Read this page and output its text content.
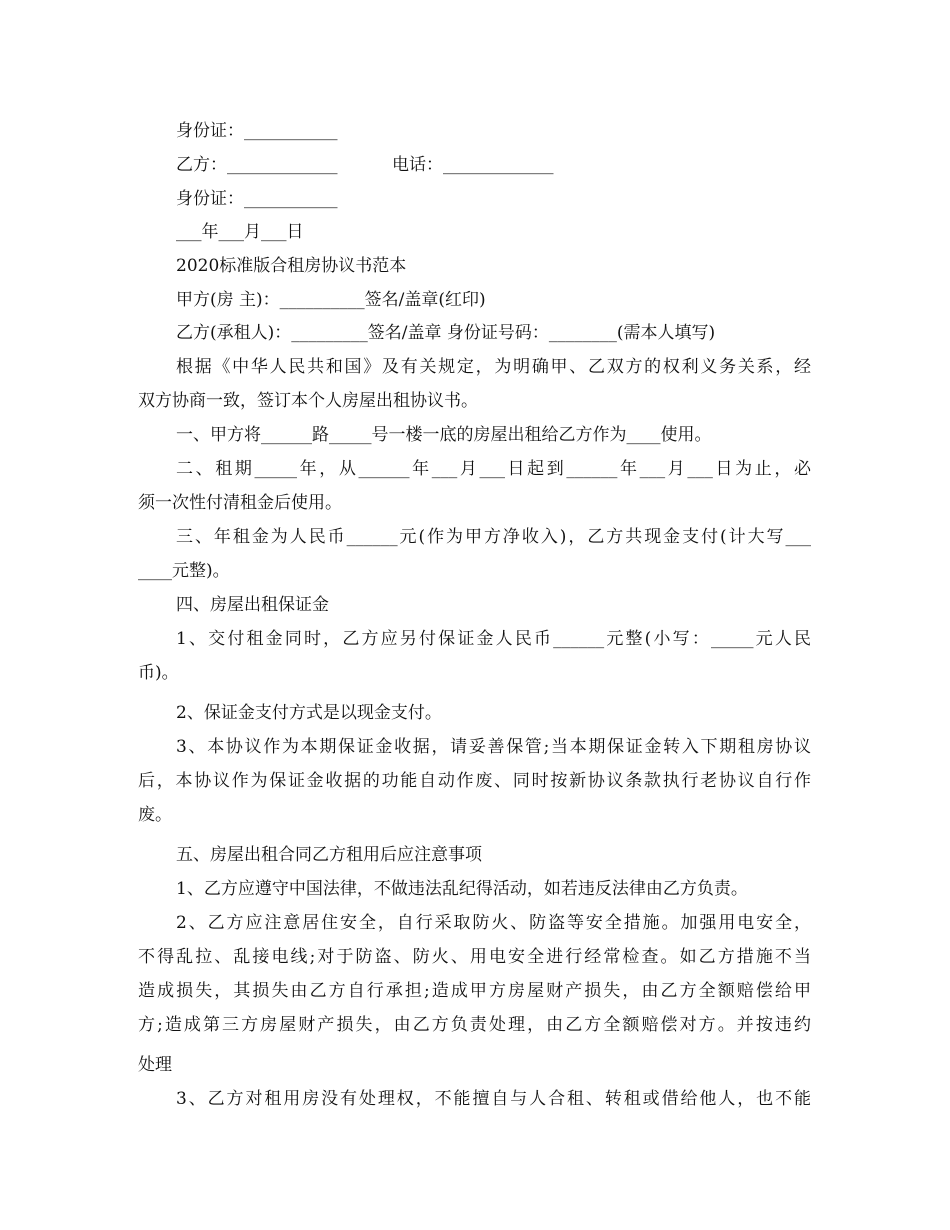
身份证：___________
乙方：_____________	电话：_____________
身份证：___________
___年___月___日
2020标准版合租房协议书范本
甲方(房 主)：__________签名/盖章(红印)
乙方(承租人)：_________签名/盖章 身份证号码：________(需本人填写)
根据《中华人民共和国》及有关规定，为明确甲、乙双方的权利义务关系，经
双方协商一致，签订本个人房屋出租协议书。
一、甲方将______路_____号一楼一底的房屋出租给乙方作为____使用。
二、租期_____年，从______年___月___日起到______年___月___日为止，必
须一次性付清租金后使用。
三、年租金为人民币______元(作为甲方净收入)，乙方共现金支付(计大写___
____元整)。
四、房屋出租保证金
1、交付租金同时，乙方应另付保证金人民币______元整(小写：_____元人民
币)。
2、保证金支付方式是以现金支付。
3、本协议作为本期保证金收据，请妥善保管;当本期保证金转入下期租房协议
后，本协议作为保证金收据的功能自动作废、同时按新协议条款执行老协议自行作
废。
五、房屋出租合同乙方租用后应注意事项
1、乙方应遵守中国法律，不做违法乱纪得活动，如若违反法律由乙方负责。
2、乙方应注意居住安全，自行采取防火、防盗等安全措施。加强用电安全，
不得乱拉、乱接电线;对于防盗、防火、用电安全进行经常检查。如乙方措施不当
造成损失，其损失由乙方自行承担;造成甲方房屋财产损失，由乙方全额赔偿给甲
方;造成第三方房屋财产损失，由乙方负责处理，由乙方全额赔偿对方。并按违约
处理
3、乙方对租用房没有处理权，不能擅自与人合租、转租或借给他人，也不能
